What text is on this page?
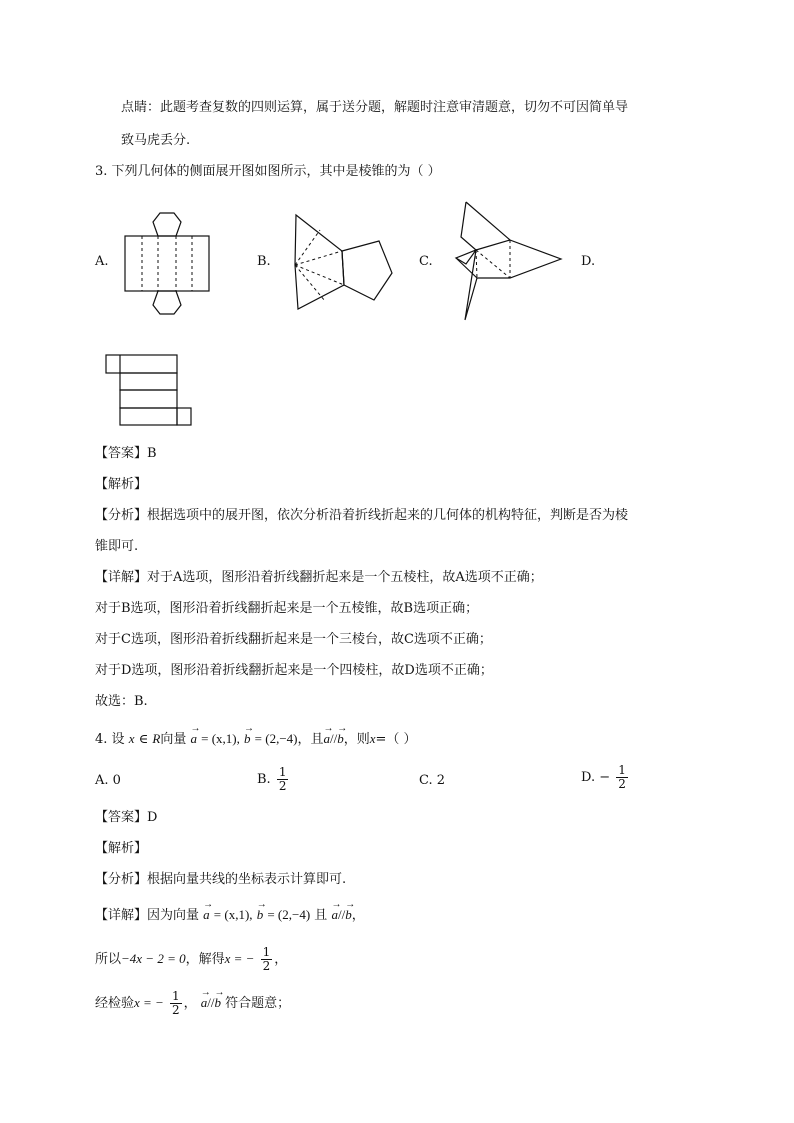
点睛：此题考查复数的四则运算，属于送分题，解题时注意审清题意，切勿不可因简单导
致马虎丢分.
3. 下列几何体的侧面展开图如图所示，其中是棱锥的为（ ）
A.	B.	C.	D.
【答案】B
【解析】
【分析】根据选项中的展开图，依次分析沿着折线折起来的几何体的机构特征，判断是否为棱
锥即可.
【详解】对于A选项，图形沿着折线翻折起来是一个五棱柱，故A选项不正确；
对于B选项，图形沿着折线翻折起来是一个五棱锥，故B选项正确；
对于C选项，图形沿着折线翻折起来是一个三棱台，故C选项不正确；
对于D选项，图形沿着折线翻折起来是一个四棱柱，故D选项不正确；
故选：B.
4. 设 x ∈ R向量 → a = (x,1), → b = (2,−4)，且→ a//→ b，则x=（ ）
A. 0	B. $\frac{1}{2}$	C. 2	D. − $\frac{1}{2}$
【答案】D
【解析】
【分析】根据向量共线的坐标表示计算即可.
【详解】因为向量 → a = (x,1), → b = (2,−4) 且 → a//→ b，
所以−4x − 2 = 0，解得x = − $\frac{1}{2}$ ，
经检验x = − $\frac{1}{2}$ ， → a//→ b 符合题意；
